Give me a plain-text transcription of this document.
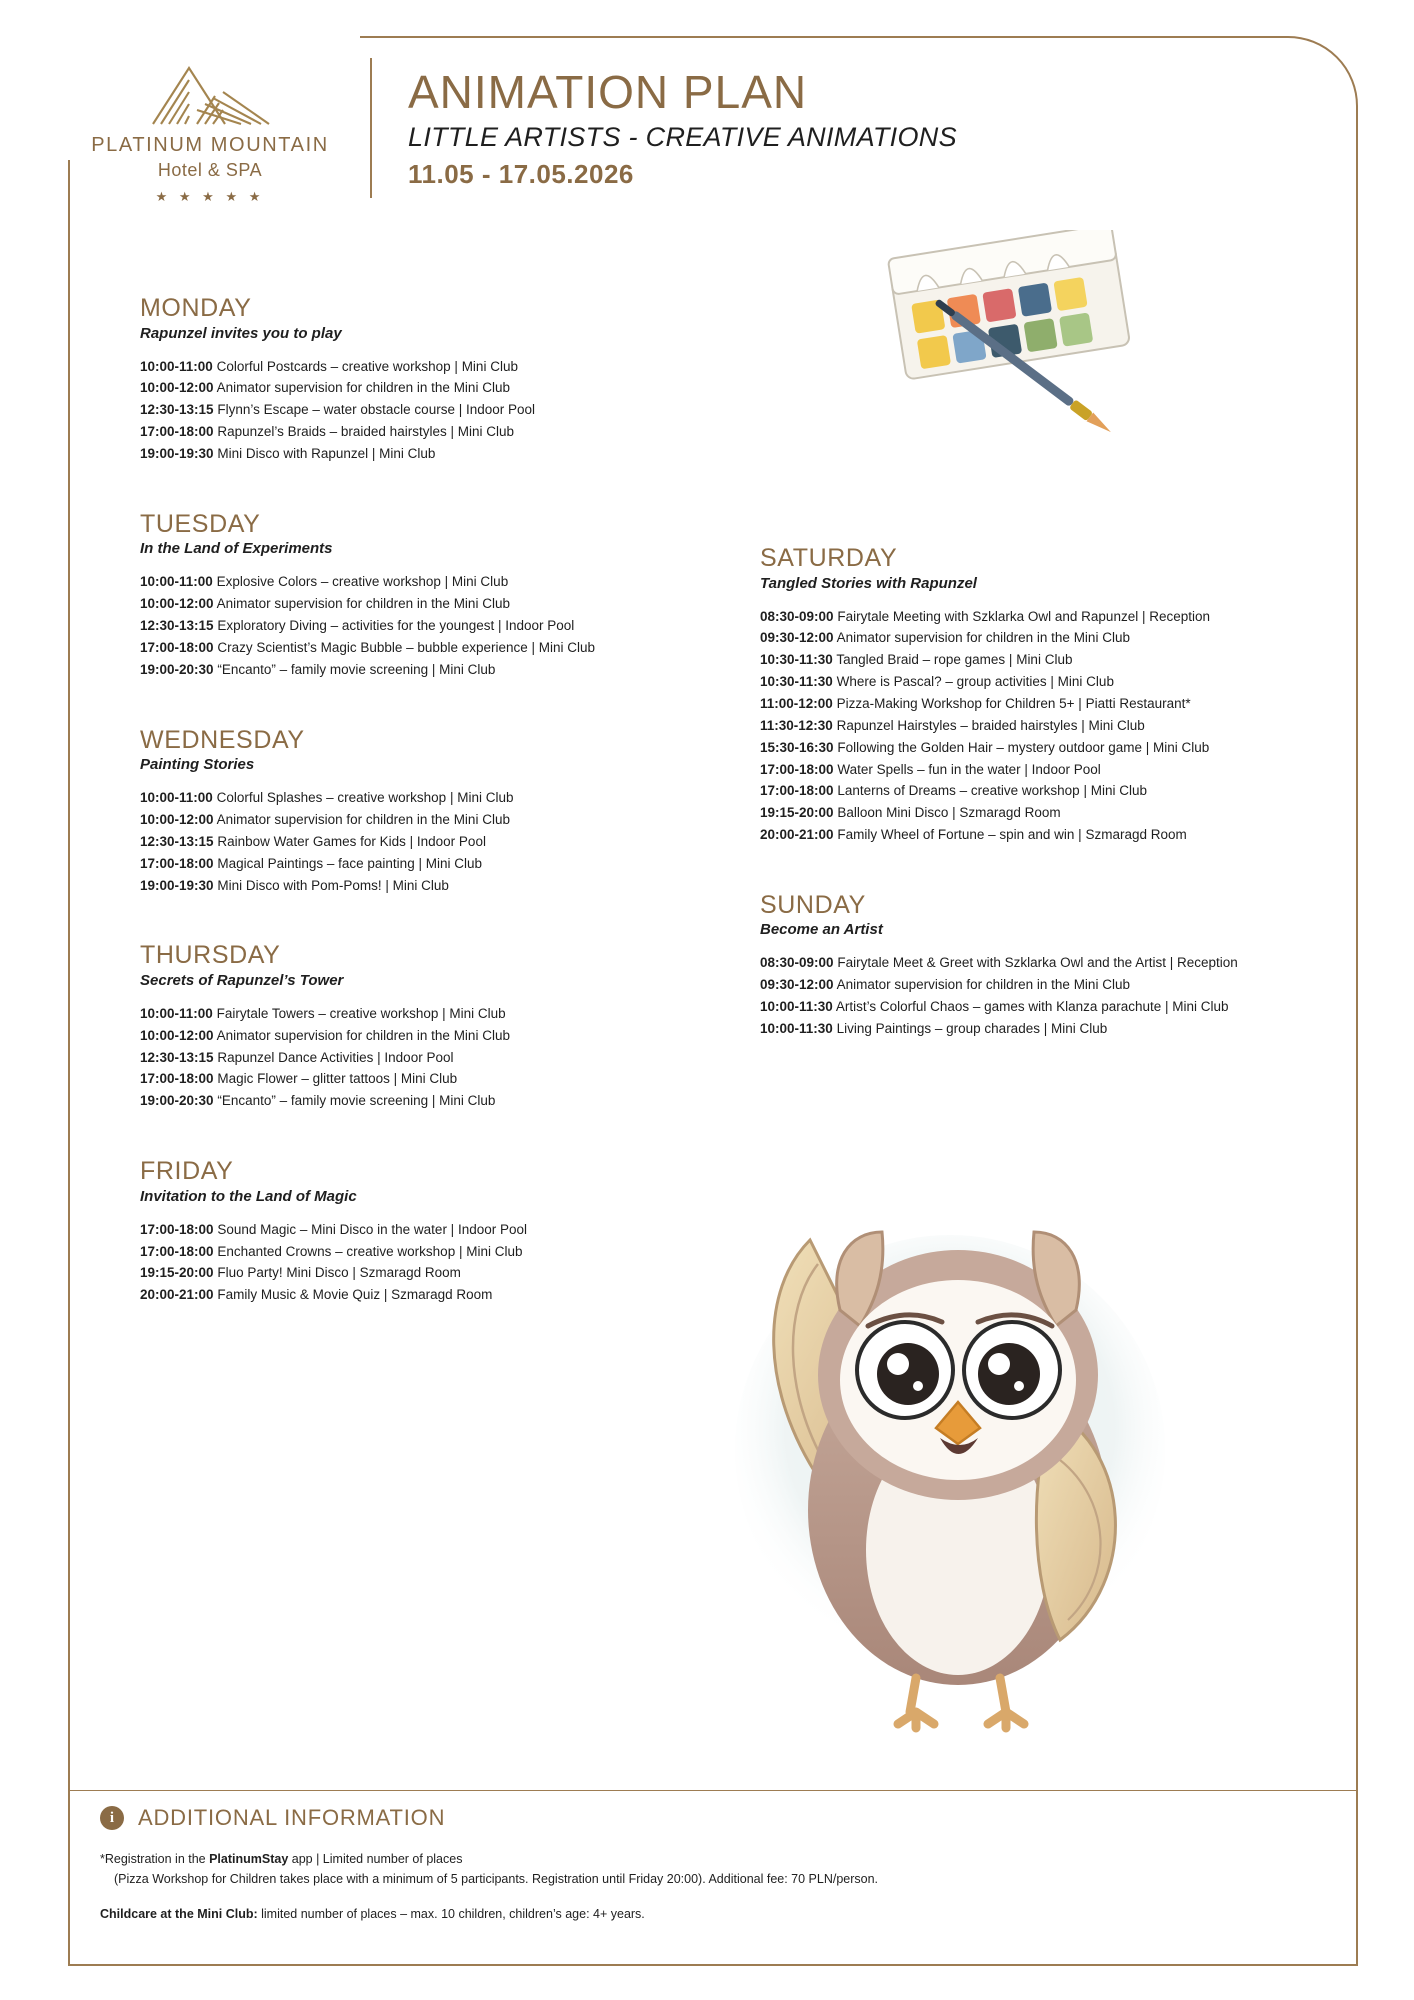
PLATINUM MOUNTAIN
Hotel & SPA
★ ★ ★ ★ ★
ANIMATION PLAN
LITTLE ARTISTS - CREATIVE ANIMATIONS
11.05 - 17.05.2026
MONDAY
Rapunzel invites you to play
10:00-11:00 Colorful Postcards – creative workshop | Mini Club
10:00-12:00 Animator supervision for children in the Mini Club
12:30-13:15 Flynn’s Escape – water obstacle course | Indoor Pool
17:00-18:00 Rapunzel’s Braids – braided hairstyles | Mini Club
19:00-19:30 Mini Disco with Rapunzel | Mini Club
TUESDAY
In the Land of Experiments
10:00-11:00 Explosive Colors – creative workshop | Mini Club
10:00-12:00 Animator supervision for children in the Mini Club
12:30-13:15 Exploratory Diving – activities for the youngest | Indoor Pool
17:00-18:00 Crazy Scientist’s Magic Bubble – bubble experience | Mini Club
19:00-20:30 “Encanto” – family movie screening | Mini Club
WEDNESDAY
Painting Stories
10:00-11:00 Colorful Splashes – creative workshop | Mini Club
10:00-12:00 Animator supervision for children in the Mini Club
12:30-13:15 Rainbow Water Games for Kids | Indoor Pool
17:00-18:00 Magical Paintings – face painting | Mini Club
19:00-19:30 Mini Disco with Pom-Poms! | Mini Club
THURSDAY
Secrets of Rapunzel’s Tower
10:00-11:00 Fairytale Towers – creative workshop | Mini Club
10:00-12:00 Animator supervision for children in the Mini Club
12:30-13:15 Rapunzel Dance Activities | Indoor Pool
17:00-18:00 Magic Flower – glitter tattoos | Mini Club
19:00-20:30 “Encanto” – family movie screening | Mini Club
FRIDAY
Invitation to the Land of Magic
17:00-18:00 Sound Magic – Mini Disco in the water | Indoor Pool
17:00-18:00 Enchanted Crowns – creative workshop | Mini Club
19:15-20:00 Fluo Party! Mini Disco | Szmaragd Room
20:00-21:00 Family Music & Movie Quiz | Szmaragd Room
SATURDAY
Tangled Stories with Rapunzel
08:30-09:00 Fairytale Meeting with Szklarka Owl and Rapunzel | Reception
09:30-12:00 Animator supervision for children in the Mini Club
10:30-11:30 Tangled Braid – rope games | Mini Club
10:30-11:30 Where is Pascal? – group activities | Mini Club
11:00-12:00 Pizza-Making Workshop for Children 5+ | Piatti Restaurant*
11:30-12:30 Rapunzel Hairstyles – braided hairstyles | Mini Club
15:30-16:30 Following the Golden Hair – mystery outdoor game | Mini Club
17:00-18:00 Water Spells – fun in the water | Indoor Pool
17:00-18:00 Lanterns of Dreams – creative workshop | Mini Club
19:15-20:00 Balloon Mini Disco | Szmaragd Room
20:00-21:00 Family Wheel of Fortune – spin and win | Szmaragd Room
SUNDAY
Become an Artist
08:30-09:00 Fairytale Meet & Greet with Szklarka Owl and the Artist | Reception
09:30-12:00 Animator supervision for children in the Mini Club
10:00-11:30 Artist’s Colorful Chaos – games with Klanza parachute | Mini Club
10:00-11:30 Living Paintings – group charades | Mini Club
i	ADDITIONAL INFORMATION
*Registration in the PlatinumStay app | Limited number of places
(Pizza Workshop for Children takes place with a minimum of 5 participants. Registration until Friday 20:00). Additional fee: 70 PLN/person.
Childcare at the Mini Club: limited number of places – max. 10 children, children’s age: 4+ years.
